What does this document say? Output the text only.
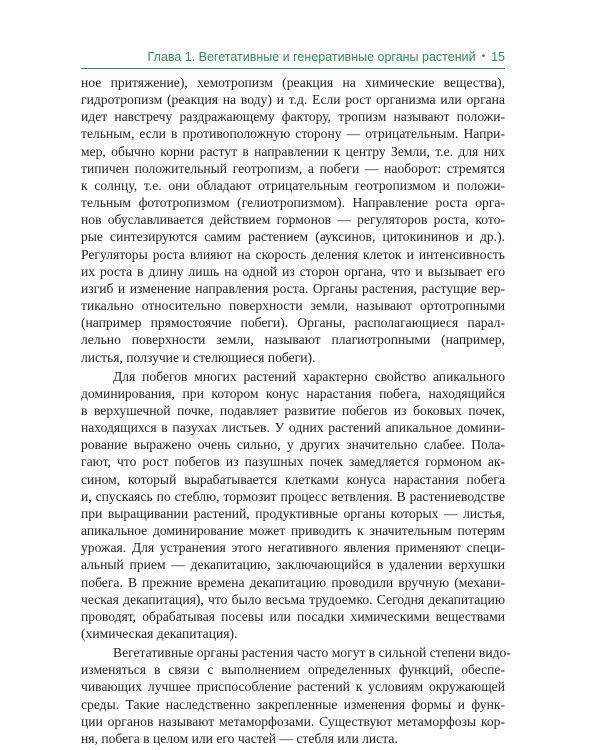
Глава 1. Вегетативные и генеративные органы растений • 15
ное притяжение), хемотропизм (реакция на химические вещества),
гидротропизм (реакция на воду) и т.д. Если рост организма или органа
идет навстречу раздражающему фактору, тропизм называют положи-
тельным, если в противоположную сторону — отрицательным. Напри-
мер, обычно корни растут в направлении к центру Земли, т.е. для них
типичен положительный геотропизм, а побеги — наоборот: стремятся
к солнцу, т.е. они обладают отрицательным геотропизмом и положи-
тельным фототропизмом (гелиотропизмом). Направление роста орга-
нов обуславливается действием гормонов — регуляторов роста, кото-
рые синтезируются самим растением (ауксинов, цитокининов и др.).
Регуляторы роста влияют на скорость деления клеток и интенсивность
их роста в длину лишь на одной из сторон органа, что и вызывает его
изгиб и изменение направления роста. Органы растения, растущие вер-
тикально относительно поверхности земли, называют ортотропными
(например прямостоячие побеги). Органы, располагающиеся парал-
лельно поверхности земли, называют плагиотропными (например,
листья, ползучие и стелющиеся побеги).
Для побегов многих растений характерно свойство апикального
доминирования, при котором конус нарастания побега, находящийся
в верхушечной почке, подавляет развитие побегов из боковых почек,
находящихся в пазухах листьев. У одних растений апикальное домини-
рование выражено очень сильно, у других значительно слабее. Пола-
гают, что рост побегов из пазушных почек замедляется гормоном ак-
сином, который вырабатывается клетками конуса нарастания побега
и, спускаясь по стеблю, тормозит процесс ветвления. В растениеводстве
при выращивании растений, продуктивные органы которых — листья,
апикальное доминирование может приводить к значительным потерям
урожая. Для устранения этого негативного явления применяют специ-
альный прием — декапитацию, заключающийся в удалении верхушки
побега. В прежние времена декапитацию проводили вручную (механи-
ческая декапитация), что было весьма трудоемко. Сегодня декапитацию
проводят, обрабатывая посевы или посадки химическими веществами
(химическая декапитация).
Вегетативные органы растения часто могут в сильной степени видо-
изменяться в связи с выполнением определенных функций, обеспе-
чивающих лучшее приспособление растений к условиям окружающей
среды. Такие наследственно закрепленные изменения формы и функ-
ции органов называют метаморфозами. Существуют метаморфозы кор-
ня, побега в целом или его частей — стебля или листа.
